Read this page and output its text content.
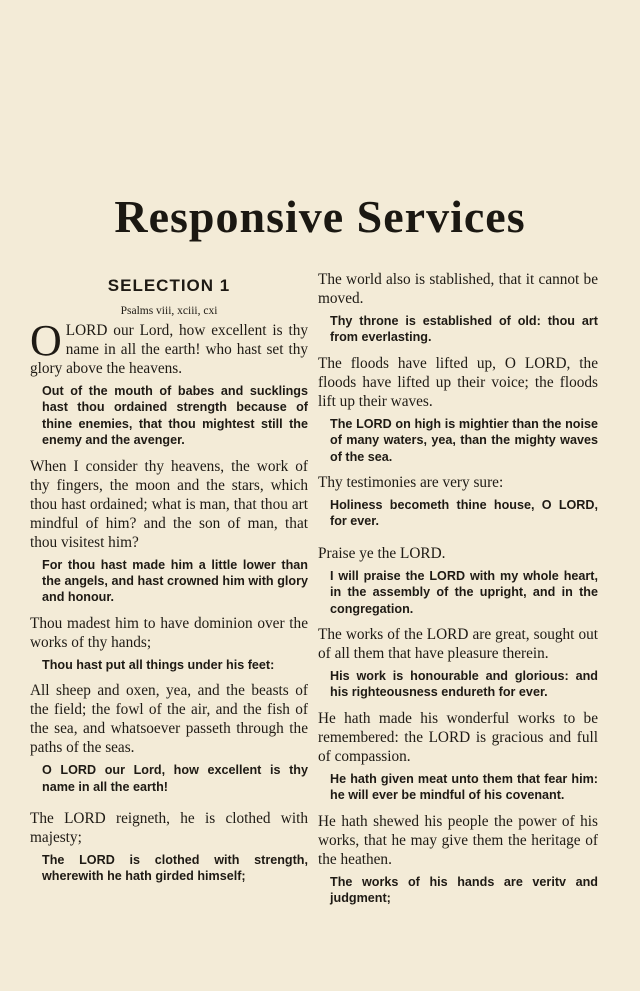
Responsive Services
SELECTION 1
Psalms viii, xciii, cxi

OLORD our Lord, how excellent is thy name in all the earth! who hast set thy glory above the heavens.

Out of the mouth of babes and sucklings hast thou ordained strength because of thine enemies, that thou mightest still the enemy and the avenger.

When I consider thy heavens, the work of thy fingers, the moon and the stars, which thou hast ordained; what is man, that thou art mindful of him? and the son of man, that thou visitest him?

For thou hast made him a little lower than the angels, and hast crowned him with glory and honour.

Thou madest him to have dominion over the works of thy hands;

Thou hast put all things under his feet:

All sheep and oxen, yea, and the beasts of the field; the fowl of the air, and the fish of the sea, and whatsoever passeth through the paths of the seas.

O LORD our Lord, how excellent is thy name in all the earth!

The LORD reigneth, he is clothed with majesty;

The LORD is clothed with strength, wherewith he hath girded himself;

The world also is stablished, that it cannot be moved.

Thy throne is established of old: thou art from everlasting.

The floods have lifted up, O LORD, the floods have lifted up their voice; the floods lift up their waves.

The LORD on high is mightier than the noise of many waters, yea, than the mighty waves of the sea.

Thy testimonies are very sure:

Holiness becometh thine house, O LORD, for ever.

Praise ye the LORD.

I will praise the LORD with my whole heart, in the assembly of the upright, and in the congregation.

The works of the LORD are great, sought out of all them that have pleasure therein.

His work is honourable and glorious: and his righteousness endureth for ever.

He hath made his wonderful works to be remembered: the LORD is gracious and full of compassion.

He hath given meat unto them that fear him: he will ever be mindful of his covenant.

He hath shewed his people the power of his works, that he may give them the heritage of the heathen.

The works of his hands are veritv and judgment;
